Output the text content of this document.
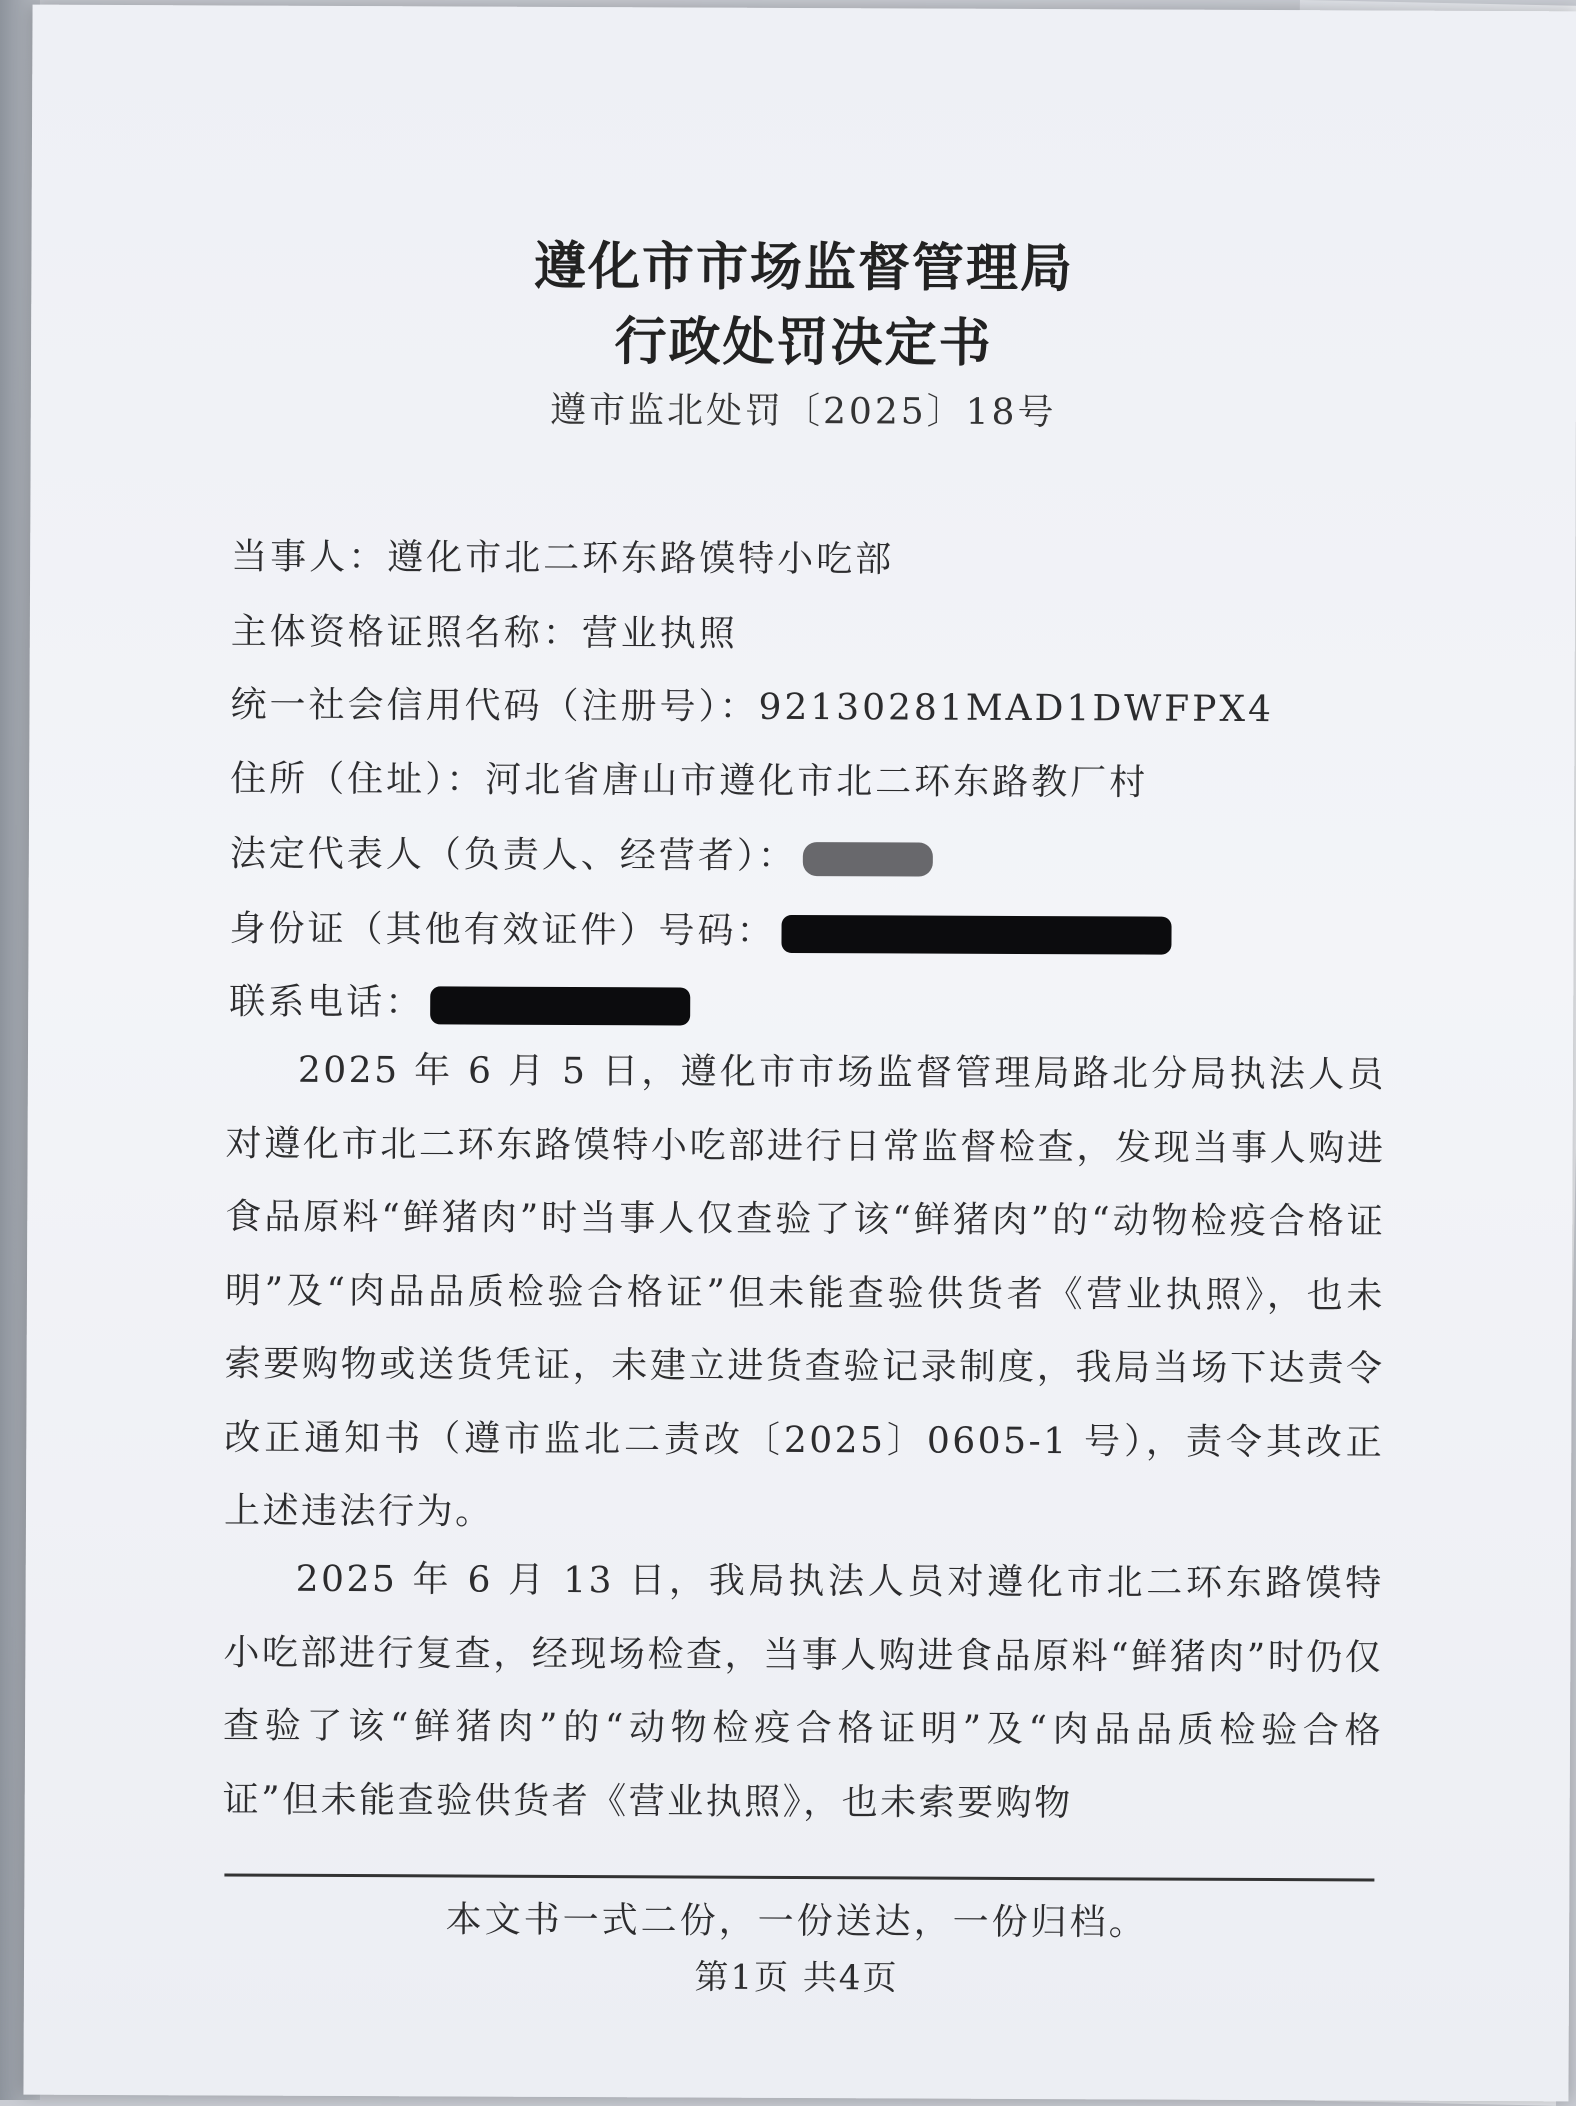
遵化市市场监督管理局
行政处罚决定书
遵市监北处罚〔2025〕18号
当事人：遵化市北二环东路馍特小吃部
主体资格证照名称：营业执照
统一社会信用代码（注册号）：92130281MAD1DWFPX4
住所（住址）：河北省唐山市遵化市北二环东路教厂村
法定代表人（负责人、经营者）：
身份证（其他有效证件）号码：
联系电话：

2025 年 6 月 5 日，遵化市市场监督管理局路北分局执法人员对遵化市北二环东路馍特小吃部进行日常监督检查，发现当事人购进食品原料“鲜猪肉”时当事人仅查验了该“鲜猪肉”的“动物检疫合格证明”及“肉品品质检验合格证”但未能查验供货者《营业执照》，也未索要购物或送货凭证，未建立进货查验记录制度，我局当场下达责令改正通知书（遵市监北二责改〔2025〕0605-1 号），责令其改正上述违法行为。

2025 年 6 月 13 日，我局执法人员对遵化市北二环东路馍特小吃部进行复查，经现场检查，当事人购进食品原料“鲜猪肉”时仍仅查验了该“鲜猪肉”的“动物检疫合格证明”及“肉品品质检验合格证”但未能查验供货者《营业执照》，也未索要购物

本文书一式二份，一份送达，一份归档。
第1页 共4页
